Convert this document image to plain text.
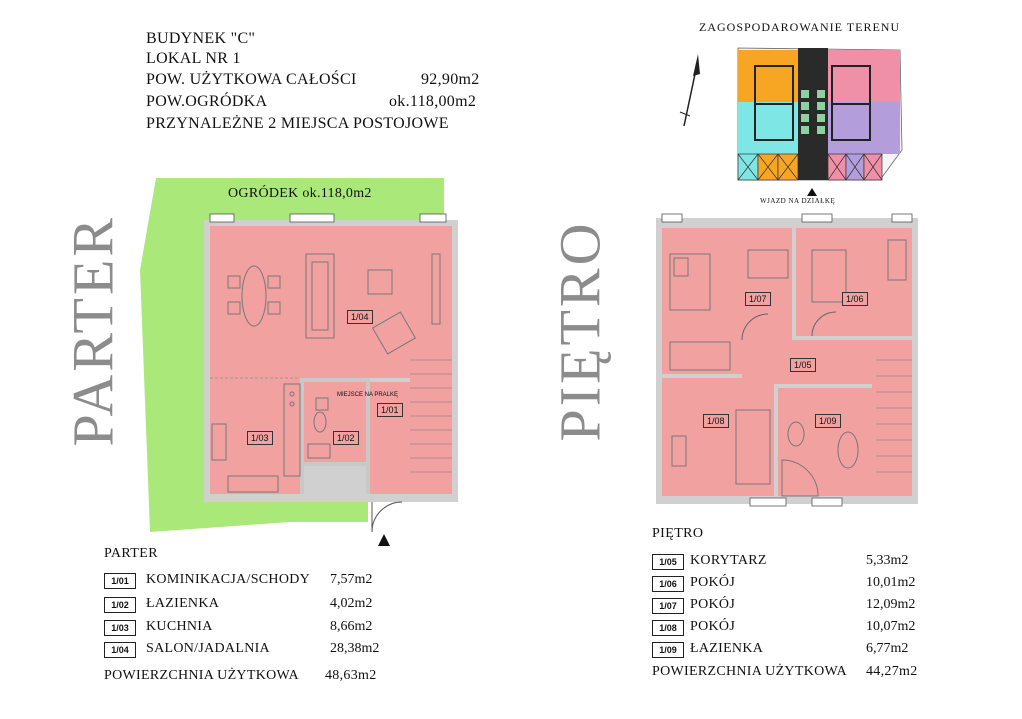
BUDYNEK "C"
LOKAL NR 1
POW. UŻYTKOWA CAŁOŚCI	92,90m2
POW.OGRÓDKA	ok.118,00m2
PRZYNALEŻNE 2 MIEJSCA POSTOJOWE
ZAGOSPODAROWANIE TERENU
WJAZD NA DZIAŁKĘ
PARTER	PIĘTRO
OGRÓDEK ok.118,0m2
MIEJSCE NA PRALKĘ
1/04
1/03	1/02
1/01
1/07	1/06
1/05
1/08	1/09
PARTER
1/01	KOMINIKACJA/SCHODY 7,57m2
1/02	ŁAZIENKA	4,02m2
1/03	KUCHNIA	8,66m2
1/04	SALON/JADALNIA	28,38m2
POWIERZCHNIA UŻYTKOWA 48,63m2
PIĘTRO
1/05 KORYTARZ	5,33m2
1/06 POKÓJ	10,01m2
1/07 POKÓJ	12,09m2
1/08 POKÓJ	10,07m2
1/09 ŁAZIENKA	6,77m2
POWIERZCHNIA UŻYTKOWA 44,27m2
